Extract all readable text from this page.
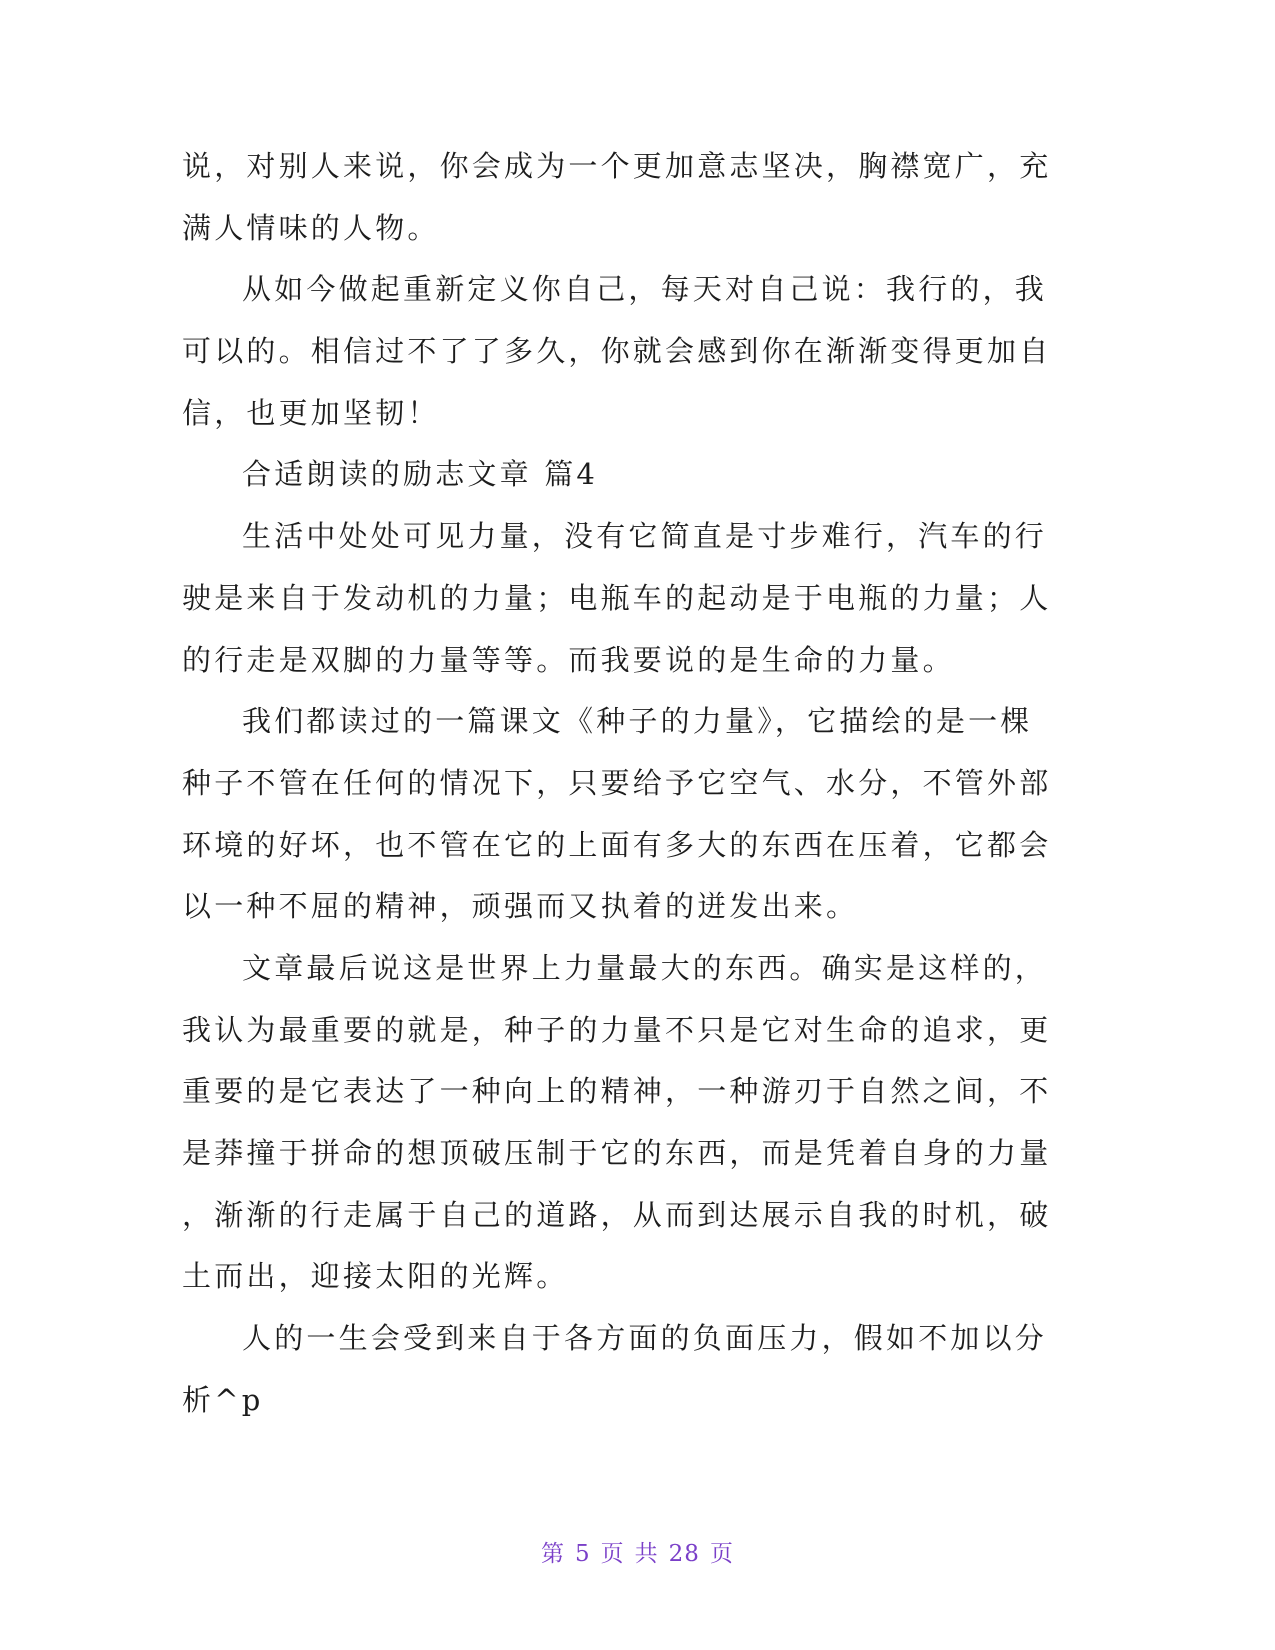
说，对别人来说，你会成为一个更加意志坚决，胸襟宽广，充
满人情味的人物。
从如今做起重新定义你自己，每天对自己说：我行的，我
可以的。相信过不了了多久，你就会感到你在渐渐变得更加自
信，也更加坚韧！
合适朗读的励志文章 篇4
生活中处处可见力量，没有它简直是寸步难行，汽车的行
驶是来自于发动机的力量；电瓶车的起动是于电瓶的力量；人
的行走是双脚的力量等等。而我要说的是生命的力量。
我们都读过的一篇课文《种子的力量》，它描绘的是一棵
种子不管在任何的情况下，只要给予它空气、水分，不管外部
环境的好坏，也不管在它的上面有多大的东西在压着，它都会
以一种不屈的精神，顽强而又执着的迸发出来。
文章最后说这是世界上力量最大的东西。确实是这样的，
我认为最重要的就是，种子的力量不只是它对生命的追求，更
重要的是它表达了一种向上的精神，一种游刃于自然之间，不
是莽撞于拼命的想顶破压制于它的东西，而是凭着自身的力量
，渐渐的行走属于自己的道路，从而到达展示自我的时机，破
土而出，迎接太阳的光辉。
人的一生会受到来自于各方面的负面压力，假如不加以分
析^p
第 5 页 共 28 页
